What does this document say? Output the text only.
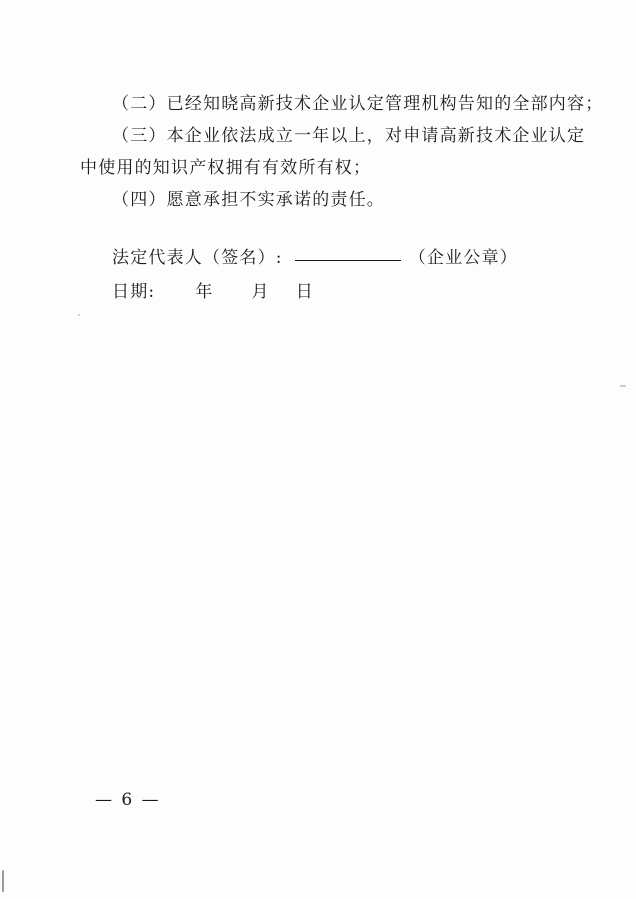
（二）已经知晓高新技术企业认定管理机构告知的全部内容；
（三）本企业依法成立一年以上，对申请高新技术企业认定
中使用的知识产权拥有有效所有权；
（四）愿意承担不实承诺的责任。
法定代表人（签名）:	（企业公章）
日期: 年 月 日
— 6 —
